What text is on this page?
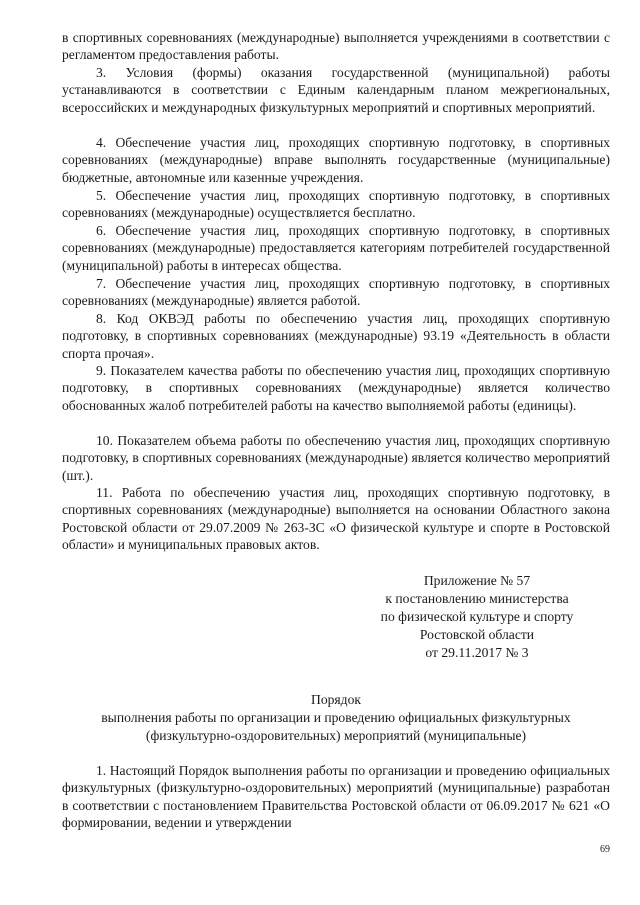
в спортивных соревнованиях (международные) выполняется учреждениями в соответствии с регламентом предоставления работы.
3. Условия (формы) оказания государственной (муниципальной) работы устанавливаются в соответствии с Единым календарным планом межрегиональных, всероссийских и международных физкультурных мероприятий и спортивных мероприятий.
4. Обеспечение участия лиц, проходящих спортивную подготовку, в спортивных соревнованиях (международные) вправе выполнять государственные (муниципальные) бюджетные, автономные или казенные учреждения.
5. Обеспечение участия лиц, проходящих спортивную подготовку, в спортивных соревнованиях (международные) осуществляется бесплатно.
6. Обеспечение участия лиц, проходящих спортивную подготовку, в спортивных соревнованиях (международные) предоставляется категориям потребителей государственной (муниципальной) работы в интересах общества.
7. Обеспечение участия лиц, проходящих спортивную подготовку, в спортивных соревнованиях (международные) является работой.
8. Код ОКВЭД работы по обеспечению участия лиц, проходящих спортивную подготовку, в спортивных соревнованиях (международные) 93.19 «Деятельность в области спорта прочая».
9. Показателем качества работы по обеспечению участия лиц, проходящих спортивную подготовку, в спортивных соревнованиях (международные) является количество обоснованных жалоб потребителей работы на качество выполняемой работы (единицы).
10. Показателем объема работы по обеспечению участия лиц, проходящих спортивную подготовку, в спортивных соревнованиях (международные) является количество мероприятий (шт.).
11. Работа по обеспечению участия лиц, проходящих спортивную подготовку, в спортивных соревнованиях (международные) выполняется на основании Областного закона Ростовской области от 29.07.2009 № 263-ЗС «О физической культуре и спорте в Ростовской области» и муниципальных правовых актов.
Приложение № 57
к постановлению министерства
по физической культуре и спорту
Ростовской области
от 29.11.2017 № 3
Порядок
выполнения работы по организации и проведению официальных физкультурных
(физкультурно-оздоровительных) мероприятий (муниципальные)
1. Настоящий Порядок выполнения работы по организации и проведению официальных физкультурных (физкультурно-оздоровительных) мероприятий (муниципальные) разработан в соответствии с постановлением Правительства Ростовской области от 06.09.2017 № 621 «О формировании, ведении и утверждении
69
